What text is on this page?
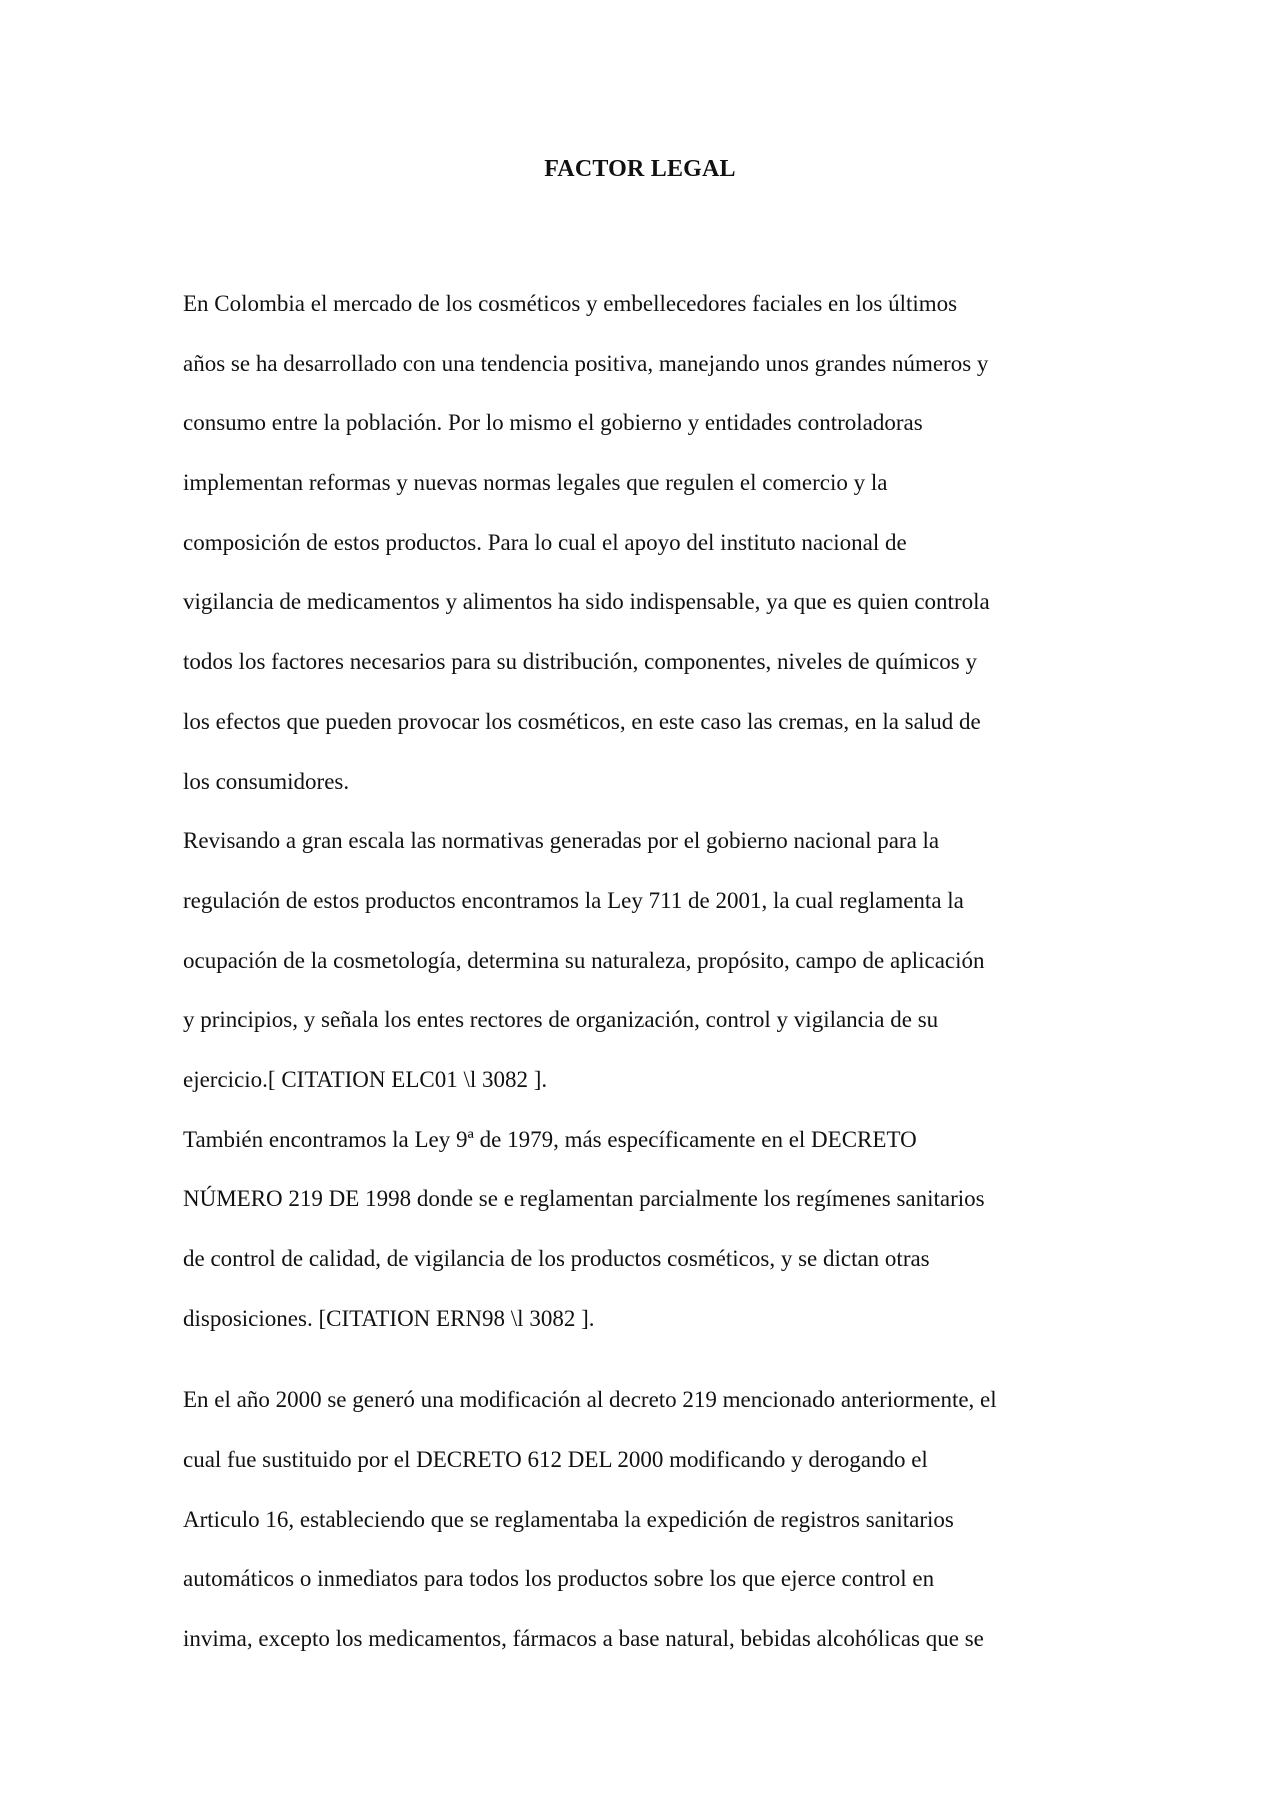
FACTOR LEGAL
En Colombia el mercado de los cosméticos y embellecedores faciales en los últimos
años se ha desarrollado con una tendencia positiva, manejando unos grandes números y
consumo entre la población. Por lo mismo el gobierno y entidades controladoras
implementan reformas y nuevas normas legales que regulen el comercio y la
composición de estos productos. Para lo cual el apoyo del instituto nacional de
vigilancia de medicamentos y alimentos ha sido indispensable, ya que es quien controla
todos los factores necesarios para su distribución, componentes, niveles de químicos y
los efectos que pueden provocar los cosméticos, en este caso las cremas, en la salud de
los consumidores.
Revisando a gran escala las normativas generadas por el gobierno nacional para la
regulación de estos productos encontramos la Ley 711 de 2001, la cual reglamenta la
ocupación de la cosmetología, determina su naturaleza, propósito, campo de aplicación
y principios, y señala los entes rectores de organización, control y vigilancia de su
ejercicio.[ CITATION ELC01 \l 3082 ].
También encontramos la Ley 9ª de 1979, más específicamente en el DECRETO
NÚMERO 219 DE 1998 donde se e reglamentan parcialmente los regímenes sanitarios
de control de calidad, de vigilancia de los productos cosméticos, y se dictan otras
disposiciones. [CITATION ERN98 \l 3082 ].
En el año 2000 se generó una modificación al decreto 219 mencionado anteriormente, el
cual fue sustituido por el DECRETO 612 DEL 2000 modificando y derogando el
Articulo 16, estableciendo que se reglamentaba la expedición de registros sanitarios
automáticos o inmediatos para todos los productos sobre los que ejerce control en
invima, excepto los medicamentos, fármacos a base natural, bebidas alcohólicas que se
